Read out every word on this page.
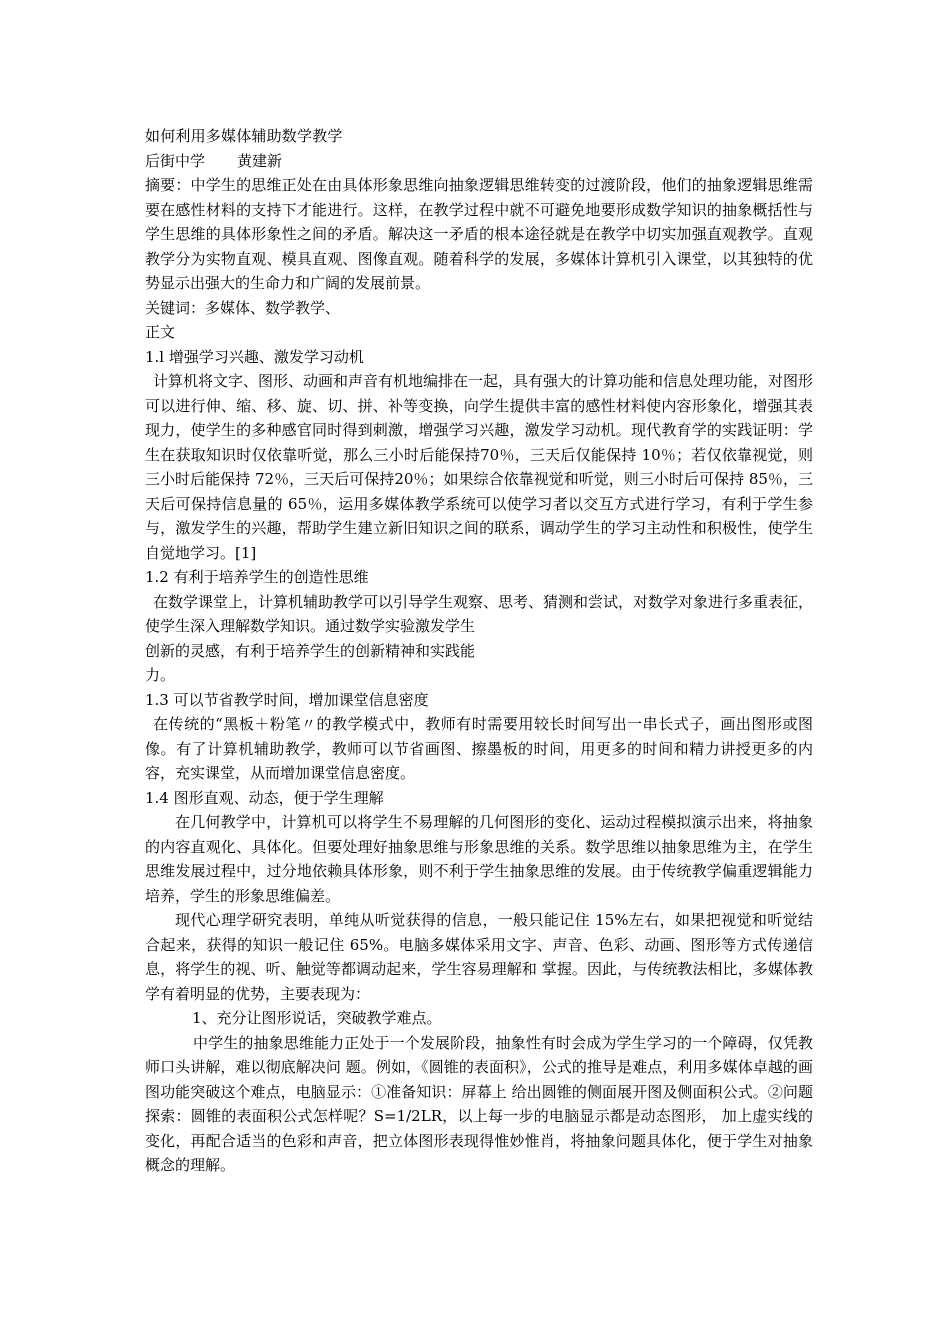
如何利用多媒体辅助数学教学

后街中学 黄建新

摘要：中学生的思维正处在由具体形象思维向抽象逻辑思维转变的过渡阶段，他们的抽象逻辑思维需要在感性材料的支持下才能进行。这样，在教学过程中就不可避免地要形成数学知识的抽象概括性与学生思维的具体形象性之间的矛盾。解决这一矛盾的根本途径就是在教学中切实加强直观教学。直观教学分为实物直观、模具直观、图像直观。随着科学的发展，多媒体计算机引入课堂，以其独特的优势显示出强大的生命力和广阔的发展前景。

关键词：多媒体、数学教学、

正文

1.l 增强学习兴趣、激发学习动机

计算机将文字、图形、动画和声音有机地编排在一起，具有强大的计算功能和信息处理功能，对图形可以进行伸、缩、移、旋、切、拼、补等变换，向学生提供丰富的感性材料使内容形象化，增强其表现力，使学生的多种感官同时得到刺激，增强学习兴趣，激发学习动机。现代教育学的实践证明：学生在获取知识时仅依靠听觉，那么三小时后能保持70％，三天后仅能保持 10％；若仅依靠视觉，则三小时后能保持 72％，三天后可保持20％；如果综合依靠视觉和听觉，则三小时后可保持 85％，三天后可保持信息量的 65％，运用多媒体教学系统可以使学习者以交互方式进行学习，有利于学生参与，激发学生的兴趣，帮助学生建立新旧知识之间的联系，调动学生的学习主动性和积极性，使学生自觉地学习。[1]

1.2 有利于培养学生的创造性思维

在数学课堂上，计算机辅助教学可以引导学生观察、思考、猜测和尝试，对数学对象进行多重表征，使学生深入理解数学知识。通过数学实验激发学生

创新的灵感，有利于培养学生的创新精神和实践能

力。

1.3 可以节省教学时间，增加课堂信息密度

在传统的“黑板＋粉笔〃的教学模式中，教师有时需要用较长时间写出一串长式子，画出图形或图像。有了计算机辅助教学，教师可以节省画图、擦墨板的时间，用更多的时间和精力讲授更多的内容，充实课堂，从而增加课堂信息密度。

1.4 图形直观、动态，便于学生理解

在几何教学中，计算机可以将学生不易理解的几何图形的变化、运动过程模拟演示出来，将抽象的内容直观化、具体化。但要处理好抽象思维与形象思维的关系。数学思维以抽象思维为主，在学生思维发展过程中，过分地依赖具体形象，则不利于学生抽象思维的发展。由于传统教学偏重逻辑能力培养，学生的形象思维偏差。

现代心理学研究表明，单纯从听觉获得的信息，一般只能记住 15%左右，如果把视觉和听觉结合起来，获得的知识一般记住 65%。电脑多媒体采用文字、声音、色彩、动画、图形等方式传递信息，将学生的视、听、触觉等都调动起来，学生容易理解和 掌握。因此，与传统教法相比，多媒体教学有着明显的优势，主要表现为：

1、充分让图形说话，突破教学难点。

中学生的抽象思维能力正处于一个发展阶段，抽象性有时会成为学生学习的一个障碍，仅凭教师口头讲解，难以彻底解决问 题。例如，《圆锥的表面积》，公式的推导是难点，利用多媒体卓越的画图功能突破这个难点，电脑显示：①准备知识：屏幕上 给出圆锥的侧面展开图及侧面积公式。②问题探索：圆锥的表面积公式怎样呢？S=1/2LR，以上每一步的电脑显示都是动态图形， 加上虚实线的变化，再配合适当的色彩和声音，把立体图形表现得惟妙惟肖，将抽象问题具体化，便于学生对抽象概念的理解。
